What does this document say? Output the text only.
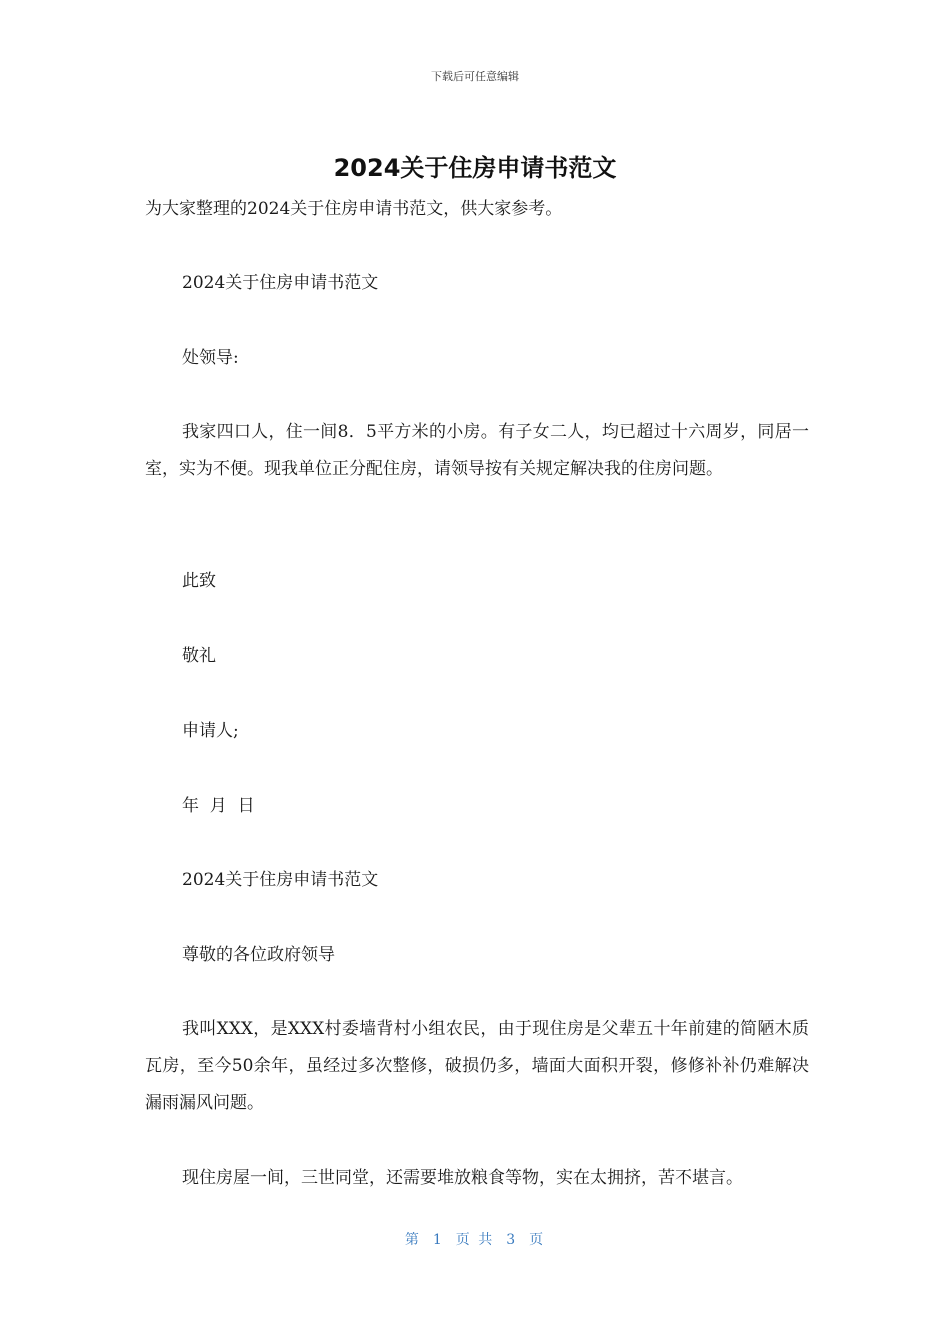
下载后可任意编辑
2024关于住房申请书范文
为大家整理的2024关于住房申请书范文，供大家参考。
2024关于住房申请书范文
处领导:
我家四口人，住一间8．5平方米的小房。有子女二人，均已超过十六周岁，同居一室，实为不便。现我单位正分配住房，请领导按有关规定解决我的住房问题。
此致
敬礼
申请人;
年  月  日
2024关于住房申请书范文
尊敬的各位政府领导
我叫XXX，是XXX村委墙背村小组农民，由于现住房是父辈五十年前建的简陋木质瓦房，至今50余年，虽经过多次整修，破损仍多，墙面大面积开裂，修修补补仍难解决漏雨漏风问题。
现住房屋一间，三世同堂，还需要堆放粮食等物，实在太拥挤，苦不堪言。
第 1 页 共 3 页
